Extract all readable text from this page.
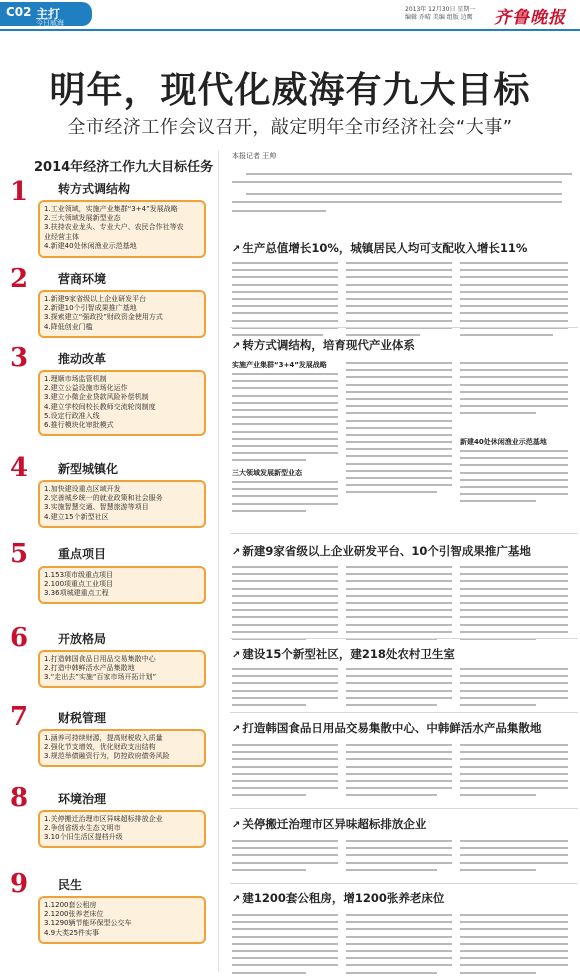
C02 主打
今日威海
2013年 12月30日 星期一
编辑 乔晴 美编 组版 边鹰 齐鲁晚报
明年，现代化威海有九大目标
全市经济工作会议召开，敲定明年全市经济社会“大事”
2014年经济工作九大目标任务
1 转方式调结构
1.工业领域，实施产业集群“3+4”发展战略
2.三大领域发展新型业态
3.扶持农业龙头、专业大户、农民合作社等农
业经营主体
4.新建40处休闲渔业示范基地
2 营商环境
1.新建9家省级以上企业研发平台
2.新建10个引智成果推广基地
3.探索建立“强政投”财政资金使用方式
4.降低创业门槛
3 推动改革
1.理顺市场监管机制
2.建立公益设施市场化运作
3.建立小微企业贷款风险补偿机制
4.建立学校间校长教师交流轮岗制度
5.设定行政准入线
6.推行模块化审批模式
4 新型城镇化
1.加快建设重点区域开发
2.完善城乡统一的就业政策和社会服务
3.实施智慧交通、智慧旅游等项目
4.建立15个新型社区
5 重点项目
1.153项市级重点项目
2.100项重点工业项目
3.36项城建重点工程
6 开放格局
1.打造韩国食品日用品交易集散中心
2.打造中韩鲜活水产品集散地
3.“走出去”实施“百家市场开拓计划”
7 财税管理
1.涵养可持续财源，提高财税收入质量
2.强化节支增效，优化财政支出结构
3.规范举债融资行为，防控政府债务风险
8 环境治理
1.关停搬迁治理市区异味超标排放企业
2.争创省级水生态文明市
3.10个旧生活区提档升级
9 民生
1.1200套公租房
2.1200张养老床位
3.1290辆节能环保型公交车
4.9大类25件实事
本报记者 王帅
↗ 生产总值增长10%，城镇居民人均可支配收入增长11%
↗ 转方式调结构，培育现代产业体系
实施产业集群“3+4”发展战略
三大领域发展新型业态
新建40处休闲渔业示范基地
↗ 新建9家省级以上企业研发平台、10个引智成果推广基地
↗ 建设15个新型社区，建218处农村卫生室
↗ 打造韩国食品日用品交易集散中心、中韩鲜活水产品集散地
↗ 关停搬迁治理市区异味超标排放企业
↗ 建1200套公租房，增1200张养老床位
